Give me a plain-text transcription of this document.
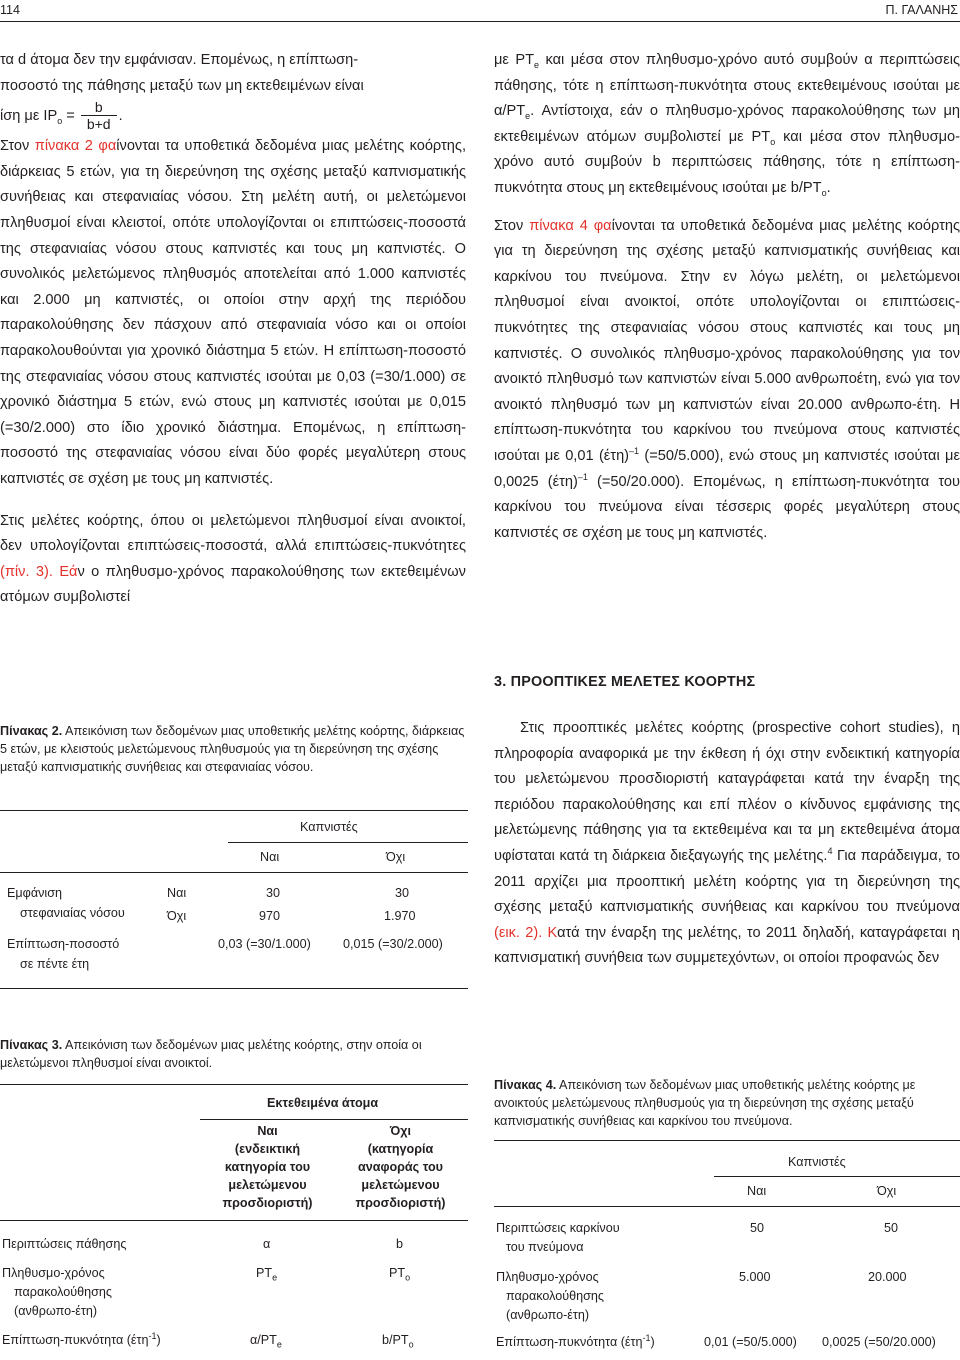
114	Π. ΓΑΛΑΝΗΣ

τα d άτομα δεν την εμφάνισαν. Επομένως, η επίπτωση-
ποσοστό της πάθησης μεταξύ των μη εκτεθειμένων είναι
ίση με $IP_o = \frac{b}{b+d}$ .

Στον πίνακα 2 φαίνονται τα υποθετικά δεδομένα μιας μελέτης κοόρτης, διάρκειας 5 ετών, για τη διερεύνηση της σχέσης μεταξύ καπνισματικής συνήθειας και στεφανιαίας νόσου. Στη μελέτη αυτή, οι μελετώμενοι πληθυσμοί είναι κλειστοί, οπότε υπολογίζονται οι επιπτώσεις-ποσοστά της στεφανιαίας νόσου στους καπνιστές και τους μη καπνιστές. Ο συνολικός μελετώμενος πληθυσμός αποτελείται από 1.000 καπνιστές και 2.000 μη καπνιστές, οι οποίοι στην αρχή της περιόδου παρακολούθησης δεν πάσχουν από στεφανιαία νόσο και οι οποίοι παρακολουθούνται για χρονικό διάστημα 5 ετών. Η επίπτωση-ποσοστό της στεφανιαίας νόσου στους καπνιστές ισούται με 0,03 (=30/1.000) σε χρονικό διάστημα 5 ετών, ενώ στους μη καπνιστές ισούται με 0,015 (=30/2.000) στο ίδιο χρονικό διάστημα. Επομένως, η επίπτωση-ποσοστό της στεφανιαίας νόσου είναι δύο φορές μεγαλύτερη στους καπνιστές σε σχέση με τους μη καπνιστές.

Στις μελέτες κοόρτης, όπου οι μελετώμενοι πληθυσμοί είναι ανοικτοί, δεν υπολογίζονται επιπτώσεις-ποσοστά, αλλά επιπτώσεις-πυκνότητες (πίν. 3). Εάν ο πληθυσμο-χρόνος παρακολούθησης των εκτεθειμένων ατόμων συμβολιστεί

με $PT_e$ και μέσα στον πληθυσμο-χρόνο αυτό συμβούν α περιπτώσεις πάθησης, τότε η επίπτωση-πυκνότητα στους εκτεθειμένους ισούται με $\alpha/PT_e$. Αντίστοιχα, εάν ο πληθυσμο-χρόνος παρακολούθησης των μη εκτεθειμένων ατόμων συμβολιστεί με $PT_o$ και μέσα στον πληθυσμο-χρόνο αυτό συμβούν b περιπτώσεις πάθησης, τότε η επίπτωση-πυκνότητα στους μη εκτεθειμένους ισούται με $b/PT_o$.

Στον πίνακα 4 φαίνονται τα υποθετικά δεδομένα μιας μελέτης κοόρτης για τη διερεύνηση της σχέσης μεταξύ καπνισματικής συνήθειας και καρκίνου του πνεύμονα. Στην εν λόγω μελέτη, οι μελετώμενοι πληθυσμοί είναι ανοικτοί, οπότε υπολογίζονται οι επιπτώσεις-πυκνότητες της στεφανιαίας νόσου στους καπνιστές και τους μη καπνιστές. Ο συνολικός πληθυσμο-χρόνος παρακολούθησης για τον ανοικτό πληθυσμό των καπνιστών είναι 5.000 ανθρωποέτη, ενώ για τον ανοικτό πληθυσμό των μη καπνιστών είναι 20.000 ανθρωπο-έτη. Η επίπτωση-πυκνότητα του καρκίνου του πνεύμονα στους καπνιστές ισούται με 0,01 $(έ\tau\eta)^{-1}$ (=50/5.000), ενώ στους μη καπνιστές ισούται με 0,0025 $(έ\tau\eta)^{-1}$ (=50/20.000). Επομένως, η επίπτωση-πυκνότητα του καρκίνου του πνεύμονα είναι τέσσερις φορές μεγαλύτερη στους καπνιστές σε σχέση με τους μη καπνιστές.

3. ΠΡΟΟΠΤΙΚΕΣ ΜΕΛΕΤΕΣ ΚΟΟΡΤΗΣ

Στις προοπτικές μελέτες κοόρτης (prospective cohort studies), η πληροφορία αναφορικά με την έκθεση ή όχι στην ενδεικτική κατηγορία του μελετώμενου προσδιοριστή καταγράφεται κατά την έναρξη της περιόδου παρακολούθησης και επί πλέον ο κίνδυνος εμφάνισης της μελετώμενης πάθησης για τα εκτεθειμένα και τα μη εκτεθειμένα άτομα υφίσταται κατά τη διάρκεια διεξαγωγής της μελέτης.$^4$ Για παράδειγμα, το 2011 αρχίζει μια προοπτική μελέτη κοόρτης για τη διερεύνηση της σχέσης μεταξύ καπνισματικής συνήθειας και καρκίνου του πνεύμονα (εικ. 2). Κατά την έναρξη της μελέτης, το 2011 δηλαδή, καταγράφεται η καπνισματική συνήθεια των συμμετεχόντων, οι οποίοι προφανώς δεν

Πίνακας 2. Απεικόνιση των δεδομένων μιας υποθετικής μελέτης κοόρτης, διάρκειας 5 ετών, με κλειστούς μελετώμενους πληθυσμούς για τη διερεύνηση της σχέσης μεταξύ καπνισματικής συνήθειας και στεφανιαίας νόσου.
Καπνιστές
Ναι	Όχι
Εμφάνιση
στεφανιαίας νόσου
Ναι
Όχι
30	30
970	1.970
Επίπτωση-ποσοστό
σε πέντε έτη
0,03 (=30/1.000)	0,015 (=30/2.000)
Πίνακας 3. Απεικόνιση των δεδομένων μιας μελέτης κοόρτης, στην οποία οι μελετώμενοι πληθυσμοί είναι ανοικτοί.
Εκτεθειμένα άτομα
Ναι
(ενδεικτική
κατηγορία του
μελετώμενου
προσδιοριστή)
Όχι
(κατηγορία
αναφοράς του
μελετώμενου
προσδιοριστή)
Περιπτώσεις πάθησης	α	b
Πληθυσμο-χρόνος
παρακολούθησης
(ανθρωπο-έτη)
$PT_e$	$PT_o$
Επίπτωση-πυκνότητα (έτη$^{-1}$)	$\alpha/PT_e$	$b/PT_o$
Πίνακας 4. Απεικόνιση των δεδομένων μιας υποθετικής μελέτης κοόρτης με ανοικτούς μελετώμενους πληθυσμούς για τη διερεύνηση της σχέσης μεταξύ καπνισματικής συνήθειας και καρκίνου του πνεύμονα.
Καπνιστές
Ναι	Όχι
Περιπτώσεις καρκίνου
του πνεύμονα
50	50
Πληθυσμο-χρόνος
παρακολούθησης
(ανθρωπο-έτη)
5.000	20.000
Επίπτωση-πυκνότητα (έτη$^{-1}$)	0,01 (=50/5.000) 0,0025 (=50/20.000)
